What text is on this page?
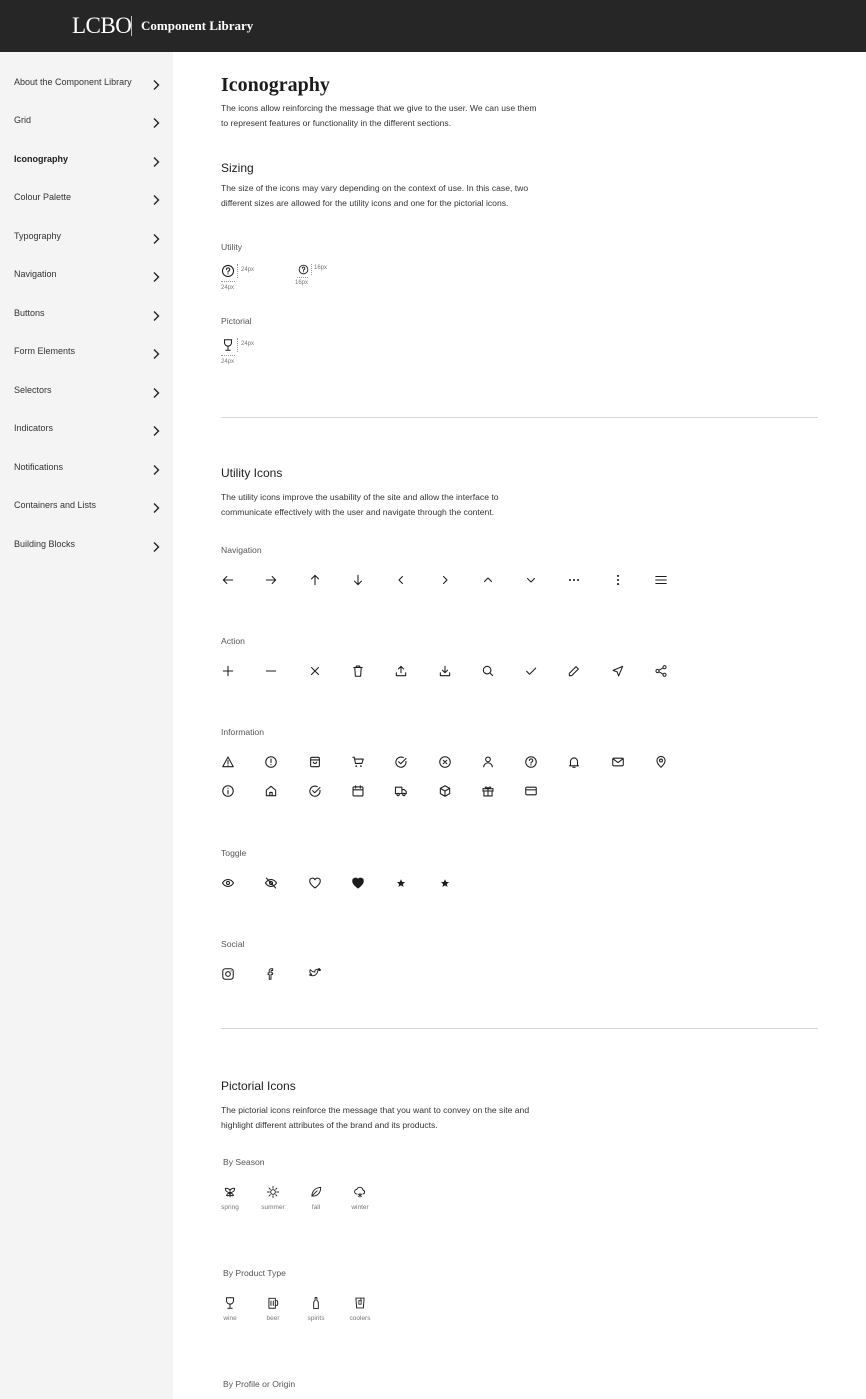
LCBO Component Library
About the Component Library
Grid
Iconography
Colour Palette
Typography
Navigation
Buttons
Form Elements
Selectors
Indicators
Notifications
Containers and Lists
Building Blocks
Iconography

The icons allow reinforcing the message that we give to the user. We can use them to represent features or functionality in the different sections.

Sizing

The size of the icons may vary depending on the context of use. In this case, two different sizes are allowed for the utility icons and one for the pictorial icons.

Utility
24px
24px
16px
16px
Pictorial
24px
24px
Utility Icons

The utility icons improve the usability of the site and allow the interface to communicate effectively with the user and navigate through the content.

Navigation
Action
Information
Toggle
Social
Pictorial Icons

The pictorial icons reinforce the message that you want to convey on the site and highlight different attributes of the brand and its products.

By Season
spring	summer	fall	winter
By Product Type
wine	beer	spirits	coolers
By Profile or Origin
